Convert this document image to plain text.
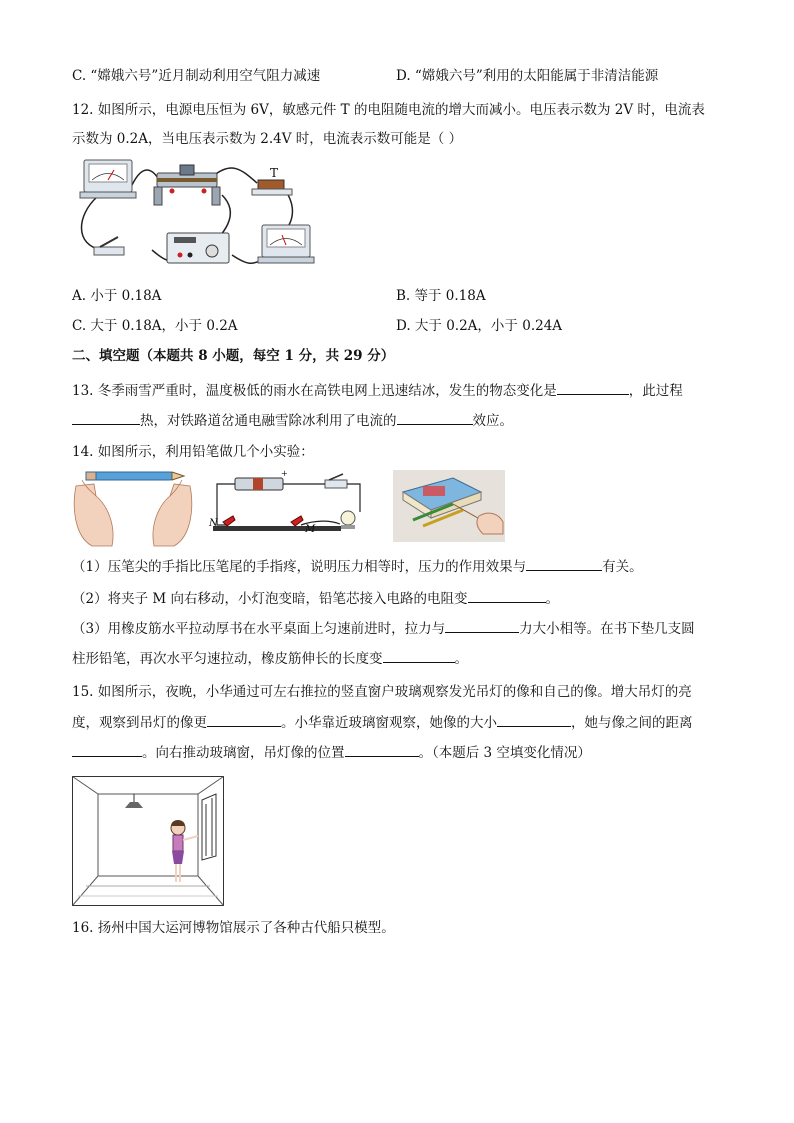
C. “嫦娥六号”近月制动利用空气阻力减速	D. “嫦娥六号”利用的太阳能属于非清洁能源
12. 如图所示，电源电压恒为 6V，敏感元件 T 的电阻随电流的增大而减小。电压表示数为 2V 时，电流表
示数为 0.2A，当电压表示数为 2.4V 时，电流表示数可能是（ ）
T
A. 小于 0.18A	B. 等于 0.18A
C. 大于 0.18A，小于 0.2A	D. 大于 0.2A，小于 0.24A
二、填空题（本题共 8 小题，每空 1 分，共 29 分）
13. 冬季雨雪严重时，温度极低的雨水在高铁电网上迅速结冰，发生的物态变化是	，此过程
热，对铁路道岔通电融雪除冰利用了电流的	效应。
14. 如图所示，利用铅笔做几个小实验：
+
N
M
（1）压笔尖的手指比压笔尾的手指疼，说明压力相等时，压力的作用效果与	有关。
（2）将夹子 M 向右移动，小灯泡变暗，铅笔芯接入电路的电阻变	。
（3）用橡皮筋水平拉动厚书在水平桌面上匀速前进时，拉力与	力大小相等。在书下垫几支圆
柱形铅笔，再次水平匀速拉动，橡皮筋伸长的长度变	。
15. 如图所示，夜晚，小华通过可左右推拉的竖直窗户玻璃观察发光吊灯的像和自己的像。增大吊灯的亮
度，观察到吊灯的像更	。小华靠近玻璃窗观察，她像的大小	，她与像之间的距离
。向右推动玻璃窗，吊灯像的位置	。（本题后 3 空填变化情况）
16. 扬州中国大运河博物馆展示了各种古代船只模型。
